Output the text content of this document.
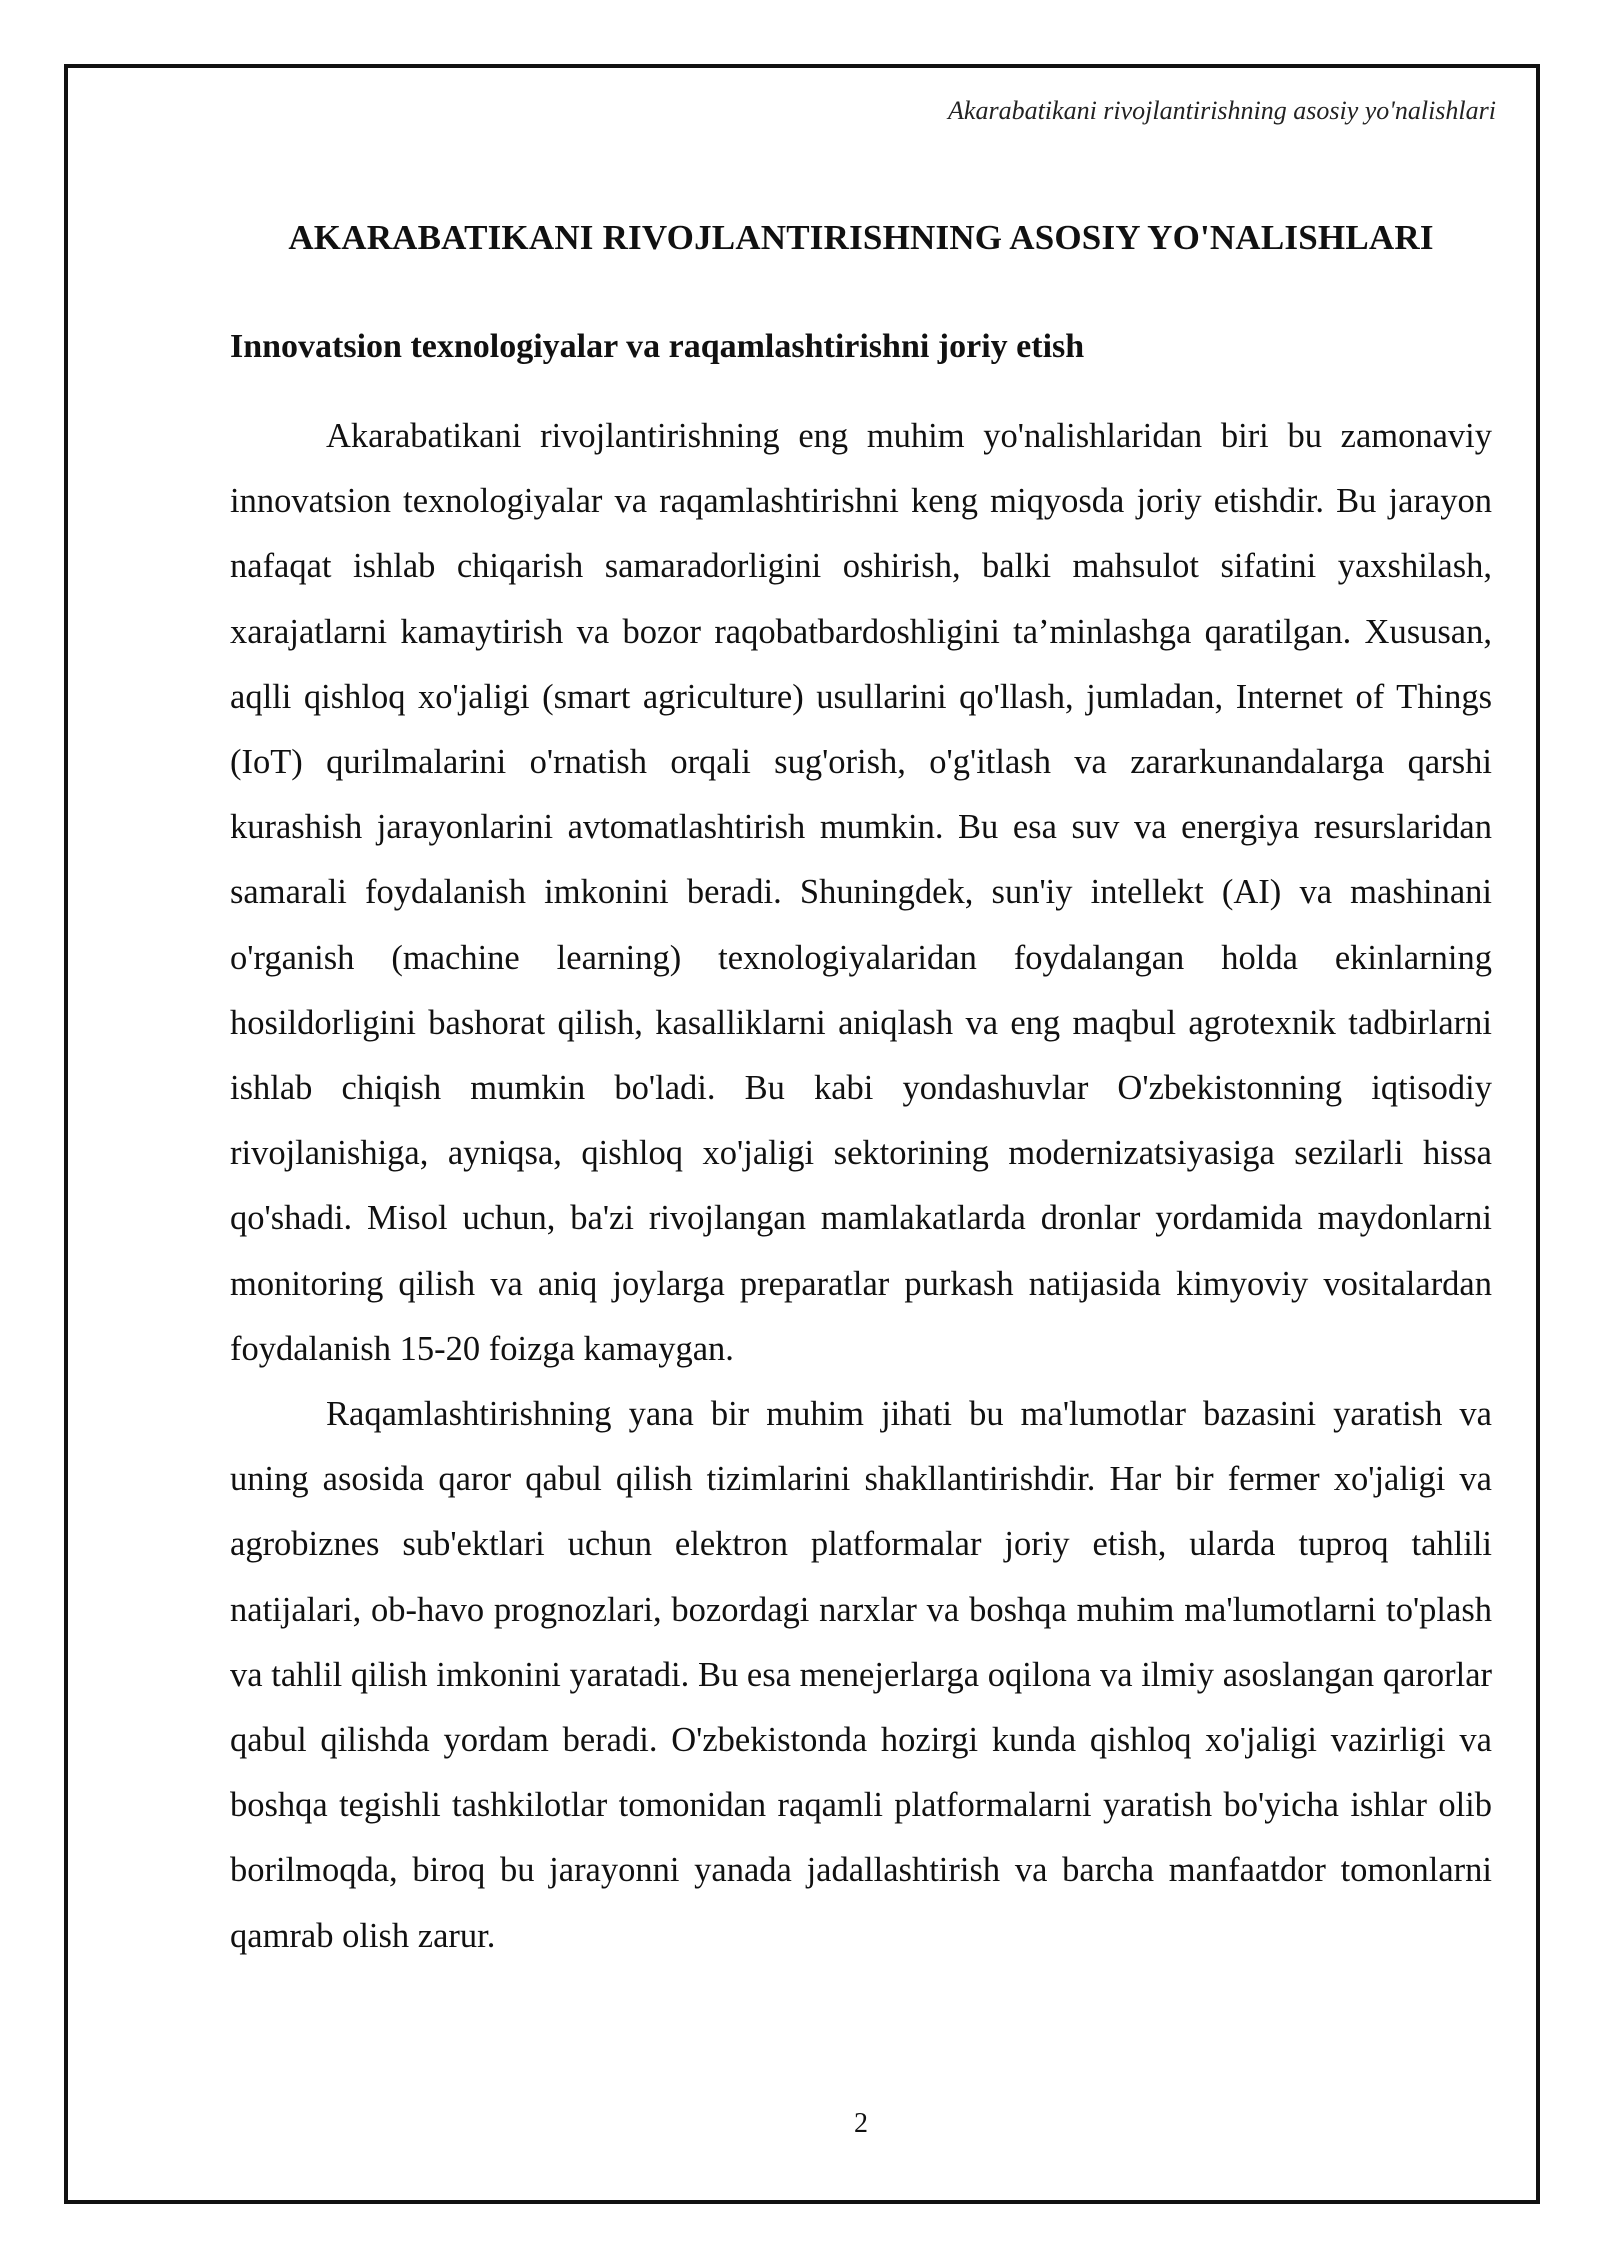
Akarabatikani rivojlantirishning asosiy yo'nalishlari
AKARABATIKANI RIVOJLANTIRISHNING ASOSIY YO'NALISHLARI
Innovatsion texnologiyalar va raqamlashtirishni joriy etish

Akarabatikani rivojlantirishning eng muhim yo'nalishlaridan biri bu zamonaviy innovatsion texnologiyalar va raqamlashtirishni keng miqyosda joriy etishdir. Bu jarayon nafaqat ishlab chiqarish samaradorligini oshirish, balki mahsulot sifatini yaxshilash, xarajatlarni kamaytirish va bozor raqobatbardoshligini ta’minlashga qaratilgan. Xususan, aqlli qishloq xo'jaligi (smart agriculture) usullarini qo'llash, jumladan, Internet of Things (IoT) qurilmalarini o'rnatish orqali sug'orish, o'g'itlash va zararkunandalarga qarshi kurashish jarayonlarini avtomatlashtirish mumkin. Bu esa suv va energiya resurslaridan samarali foydalanish imkonini beradi. Shuningdek, sun'iy intellekt (AI) va mashinani o'rganish (machine learning) texnologiyalaridan foydalangan holda ekinlarning hosildorligini bashorat qilish, kasalliklarni aniqlash va eng maqbul agrotexnik tadbirlarni ishlab chiqish mumkin bo'ladi. Bu kabi yondashuvlar O'zbekistonning iqtisodiy rivojlanishiga, ayniqsa, qishloq xo'jaligi sektorining modernizatsiyasiga sezilarli hissa qo'shadi. Misol uchun, ba'zi rivojlangan mamlakatlarda dronlar yordamida maydonlarni monitoring qilish va aniq joylarga preparatlar purkash natijasida kimyoviy vositalardan foydalanish 15-20 foizga kamaygan.

Raqamlashtirishning yana bir muhim jihati bu ma'lumotlar bazasini yaratish va uning asosida qaror qabul qilish tizimlarini shakllantirishdir. Har bir fermer xo'jaligi va agrobiznes sub'ektlari uchun elektron platformalar joriy etish, ularda tuproq tahlili natijalari, ob-havo prognozlari, bozordagi narxlar va boshqa muhim ma'lumotlarni to'plash va tahlil qilish imkonini yaratadi. Bu esa menejerlarga oqilona va ilmiy asoslangan qarorlar qabul qilishda yordam beradi. O'zbekistonda hozirgi kunda qishloq xo'jaligi vazirligi va boshqa tegishli tashkilotlar tomonidan raqamli platformalarni yaratish bo'yicha ishlar olib borilmoqda, biroq bu jarayonni yanada jadallashtirish va barcha manfaatdor tomonlarni qamrab olish zarur.

2
